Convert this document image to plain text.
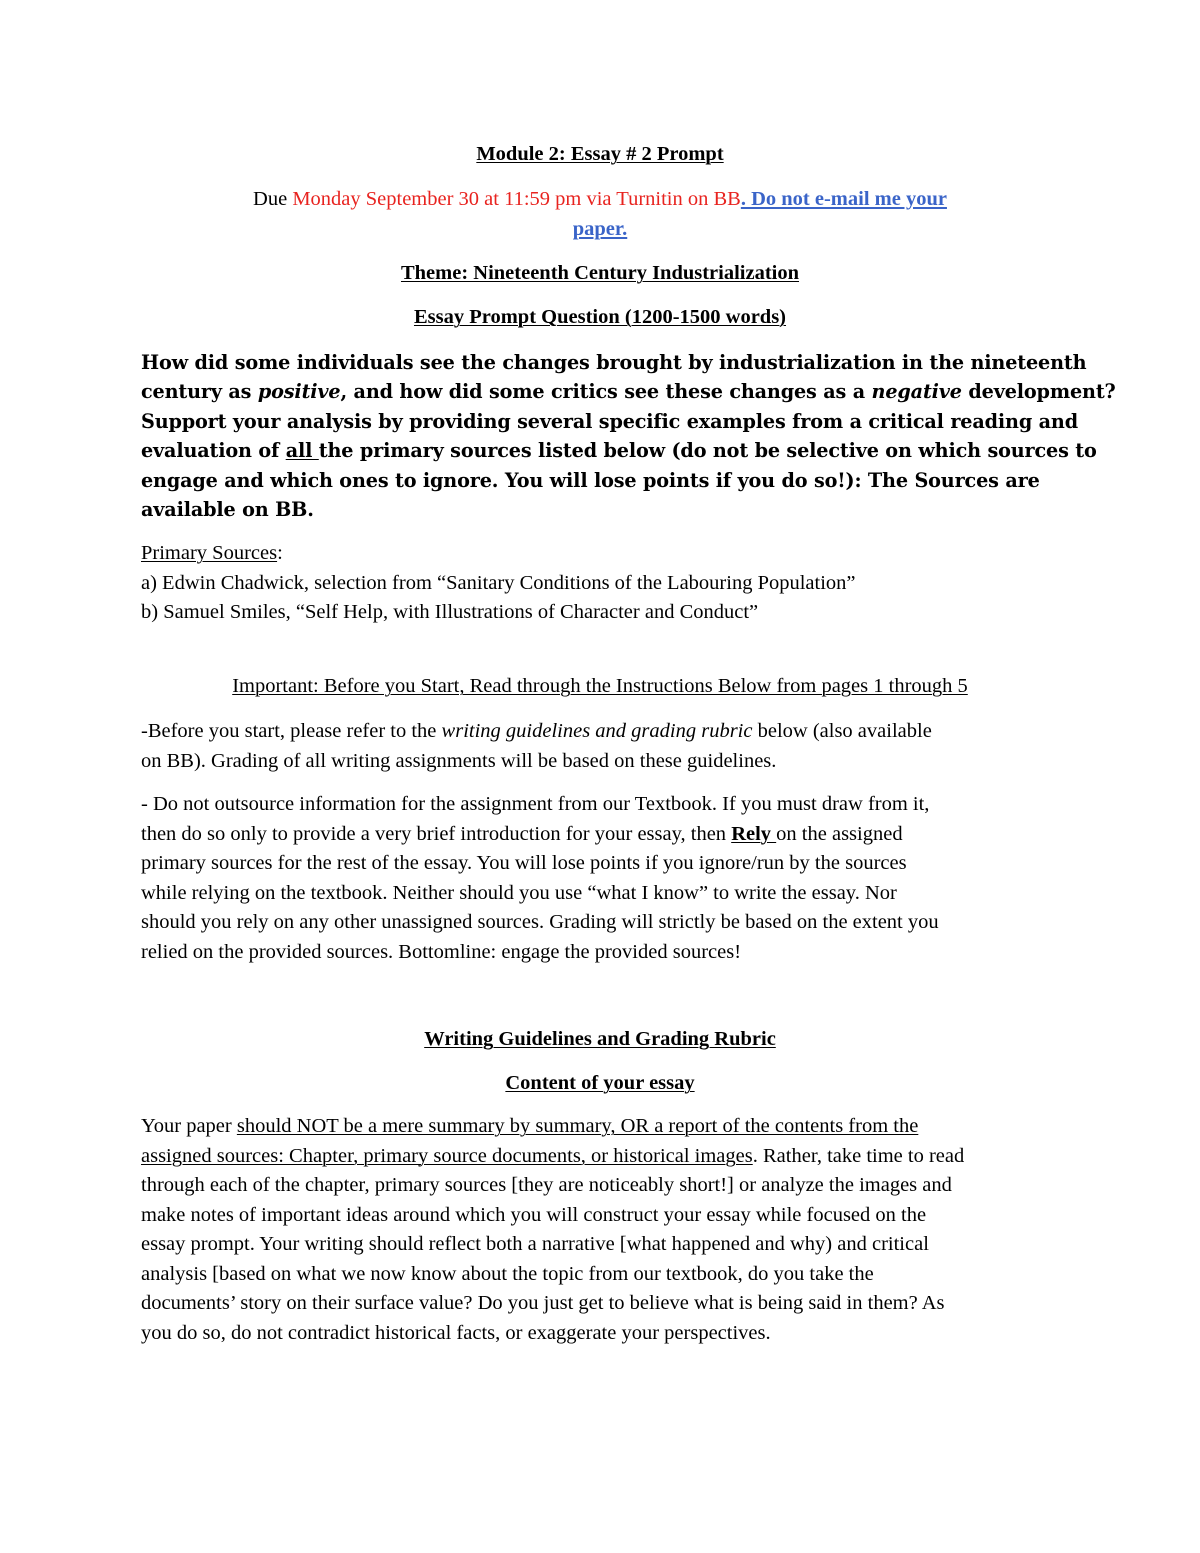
Module 2: Essay # 2 Prompt

Due Monday September 30 at 11:59 pm via Turnitin on BB. Do not e-mail me your
paper.

Theme: Nineteenth Century Industrialization

Essay Prompt Question (1200-1500 words)

How did some individuals see the changes brought by industrialization in the nineteenth
century as positive, and how did some critics see these changes as a negative development?
Support your analysis by providing several specific examples from a critical reading and
evaluation of all the primary sources listed below (do not be selective on which sources to
engage and which ones to ignore. You will lose points if you do so!): The Sources are
available on BB.
Primary Sources:
a) Edwin Chadwick, selection from “Sanitary Conditions of the Labouring Population”
b) Samuel Smiles, “Self Help, with Illustrations of Character and Conduct”

Important: Before you Start, Read through the Instructions Below from pages 1 through 5

-Before you start, please refer to the writing guidelines and grading rubric below (also available
on BB). Grading of all writing assignments will be based on these guidelines.
- Do not outsource information for the assignment from our Textbook. If you must draw from it,
then do so only to provide a very brief introduction for your essay, then Rely on the assigned
primary sources for the rest of the essay. You will lose points if you ignore/run by the sources
while relying on the textbook. Neither should you use “what I know” to write the essay. Nor
should you rely on any other unassigned sources. Grading will strictly be based on the extent you
relied on the provided sources. Bottomline: engage the provided sources!

Writing Guidelines and Grading Rubric

Content of your essay

Your paper should NOT be a mere summary by summary, OR a report of the contents from the
assigned sources: Chapter, primary source documents, or historical images. Rather, take time to read
through each of the chapter, primary sources [they are noticeably short!] or analyze the images and
make notes of important ideas around which you will construct your essay while focused on the
essay prompt. Your writing should reflect both a narrative [what happened and why) and critical
analysis [based on what we now know about the topic from our textbook, do you take the
documents’ story on their surface value? Do you just get to believe what is being said in them? As
you do so, do not contradict historical facts, or exaggerate your perspectives.
